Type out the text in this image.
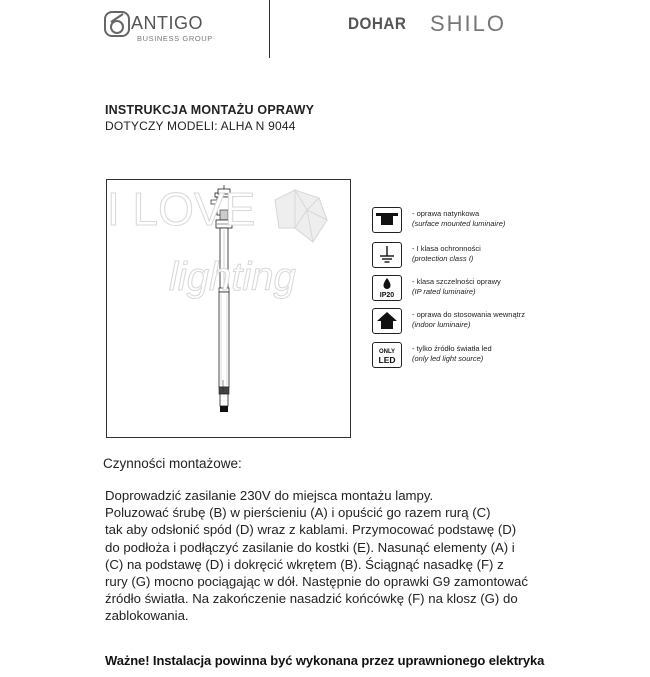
ANTIGO
BUSINESS GROUP
DOHAR SHILO
INSTRUKCJA MONTAŻU OPRAWY
DOTYCZY MODELI: ALHA N 9044
I LOVE
lighting
- oprawa natynkowa
(surface mounted luminaire)
- I klasa ochronności
(protection class I)
IP20
- klasa szczelności oprawy
(IP rated luminaire)
- oprawa do stosowania wewnątrz
(indoor luminaire)
ONLY
LED
- tylko źródło światła led
(only led light source)
Czynności montażowe:
Doprowadzić zasilanie 230V do miejsca montażu lampy.
Poluzować śrubę (B) w pierścieniu (A) i opuścić go razem rurą (C)
tak aby odsłonić spód (D) wraz z kablami. Przymocować podstawę (D)
do podłoża i podłączyć zasilanie do kostki (E). Nasunąć elementy (A) i
(C) na podstawę (D) i dokręcić wkrętem (B). Ściągnąć nasadkę (F) z
rury (G) mocno pociągając w dół. Następnie do oprawki G9 zamontować
źródło światła. Na zakończenie nasadzić końcówkę (F) na klosz (G) do
zablokowania.
Ważne! Instalacja powinna być wykonana przez uprawnionego elektryka
